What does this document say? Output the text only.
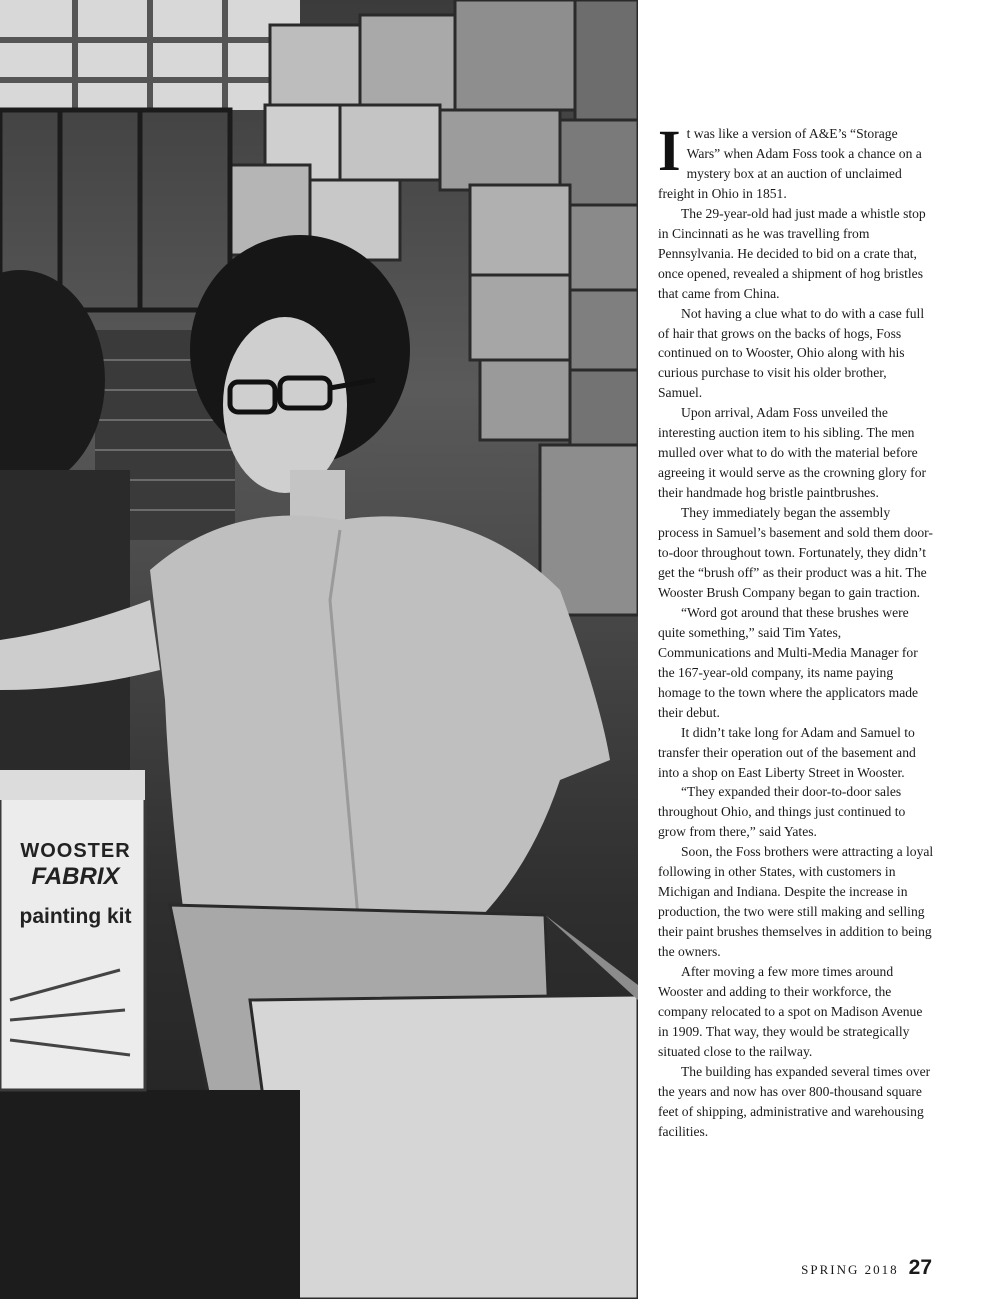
WOOSTER
FABRIX
painting kit

It was like a version of A&E’s “Storage Wars” when Adam Foss took a chance on a mystery box at an auction of unclaimed freight in Ohio in 1851.

The 29-year-old had just made a whistle stop in Cincinnati as he was travelling from Pennsylvania. He decided to bid on a crate that, once opened, revealed a shipment of hog bristles that came from China.

Not having a clue what to do with a case full of hair that grows on the backs of hogs, Foss continued on to Wooster, Ohio along with his curious purchase to visit his older brother, Samuel.

Upon arrival, Adam Foss unveiled the interesting auction item to his sibling. The men mulled over what to do with the material before agreeing it would serve as the crowning glory for their handmade hog bristle paintbrushes.

They immediately began the assembly process in Samuel’s basement and sold them door-to-door throughout town. Fortunately, they didn’t get the “brush off” as their product was a hit. The Wooster Brush Company began to gain traction.

“Word got around that these brushes were quite something,” said Tim Yates, Communications and Multi-Media Manager for the 167-year-old company, its name paying homage to the town where the applicators made their debut.

It didn’t take long for Adam and Samuel to transfer their operation out of the basement and into a shop on East Liberty Street in Wooster.

“They expanded their door-to-door sales throughout Ohio, and things just continued to grow from there,” said Yates.

Soon, the Foss brothers were attracting a loyal following in other States, with customers in Michigan and Indiana. Despite the increase in production, the two were still making and selling their paint brushes themselves in addition to being the owners.

After moving a few more times around Wooster and adding to their workforce, the company relocated to a spot on Madison Avenue in 1909. That way, they would be strategically situated close to the railway.

The building has expanded several times over the years and now has over 800-thousand square feet of shipping, administrative and warehousing facilities.

SPRING 2018 27
